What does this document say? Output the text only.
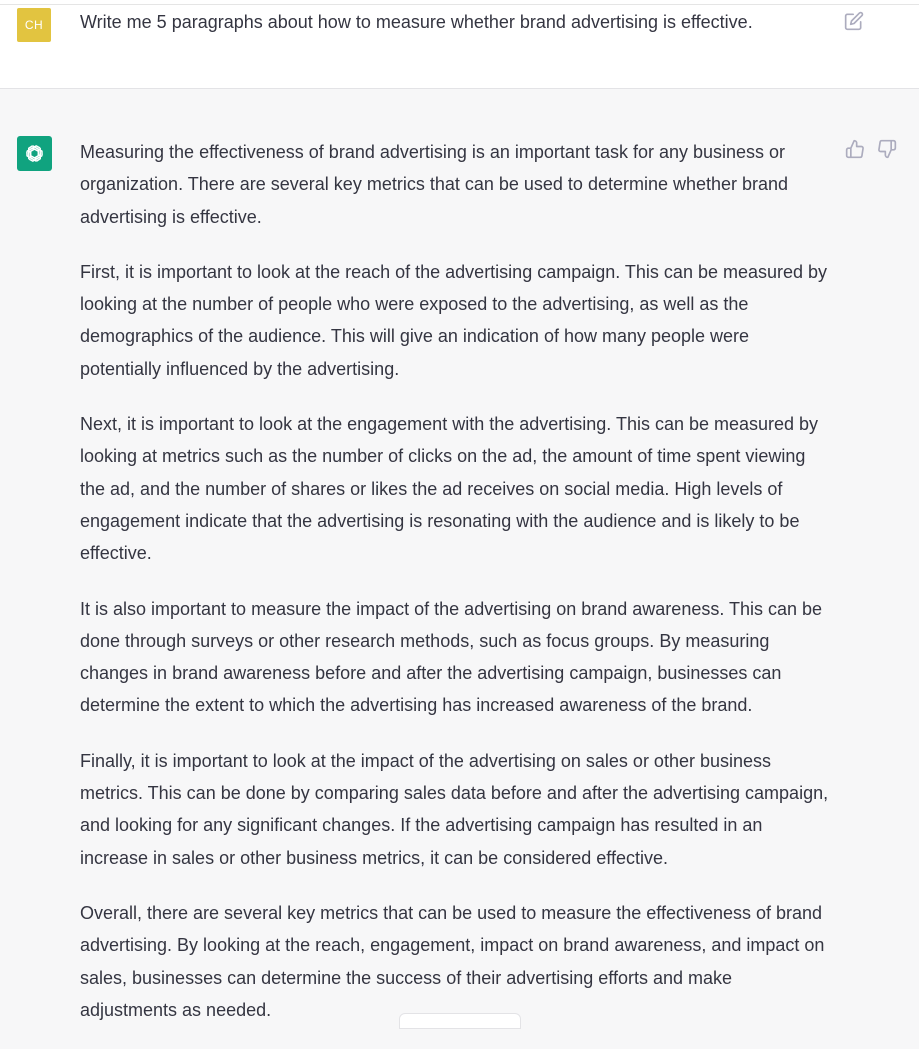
CH	Write me 5 paragraphs about how to measure whether brand advertising is effective.

Measuring the effectiveness of brand advertising is an important task for any business or organization. There are several key metrics that can be used to determine whether brand advertising is effective.

First, it is important to look at the reach of the advertising campaign. This can be measured by looking at the number of people who were exposed to the advertising, as well as the demographics of the audience. This will give an indication of how many people were potentially influenced by the advertising.

Next, it is important to look at the engagement with the advertising. This can be measured by looking at metrics such as the number of clicks on the ad, the amount of time spent viewing the ad, and the number of shares or likes the ad receives on social media. High levels of engagement indicate that the advertising is resonating with the audience and is likely to be effective.

It is also important to measure the impact of the advertising on brand awareness. This can be done through surveys or other research methods, such as focus groups. By measuring changes in brand awareness before and after the advertising campaign, businesses can determine the extent to which the advertising has increased awareness of the brand.

Finally, it is important to look at the impact of the advertising on sales or other business metrics. This can be done by comparing sales data before and after the advertising campaign, and looking for any significant changes. If the advertising campaign has resulted in an increase in sales or other business metrics, it can be considered effective.

Overall, there are several key metrics that can be used to measure the effectiveness of brand advertising. By looking at the reach, engagement, impact on brand awareness, and impact on sales, businesses can determine the success of their advertising efforts and make adjustments as needed.
